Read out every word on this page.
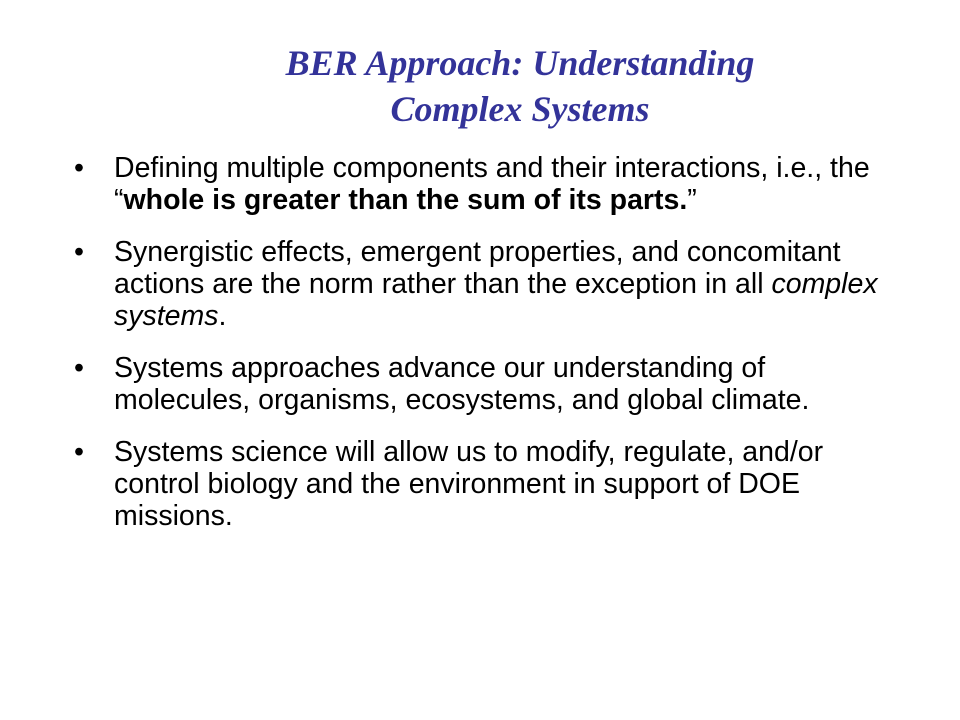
BER Approach: Understanding
Complex Systems
• Defining multiple components and their interactions, i.e., the “whole is greater than the sum of its parts.”
• Synergistic effects, emergent properties, and concomitant actions are the norm rather than the exception in all complex systems.
• Systems approaches advance our understanding of molecules, organisms, ecosystems, and global climate.
• Systems science will allow us to modify, regulate, and/or control biology and the environment in support of DOE missions.
